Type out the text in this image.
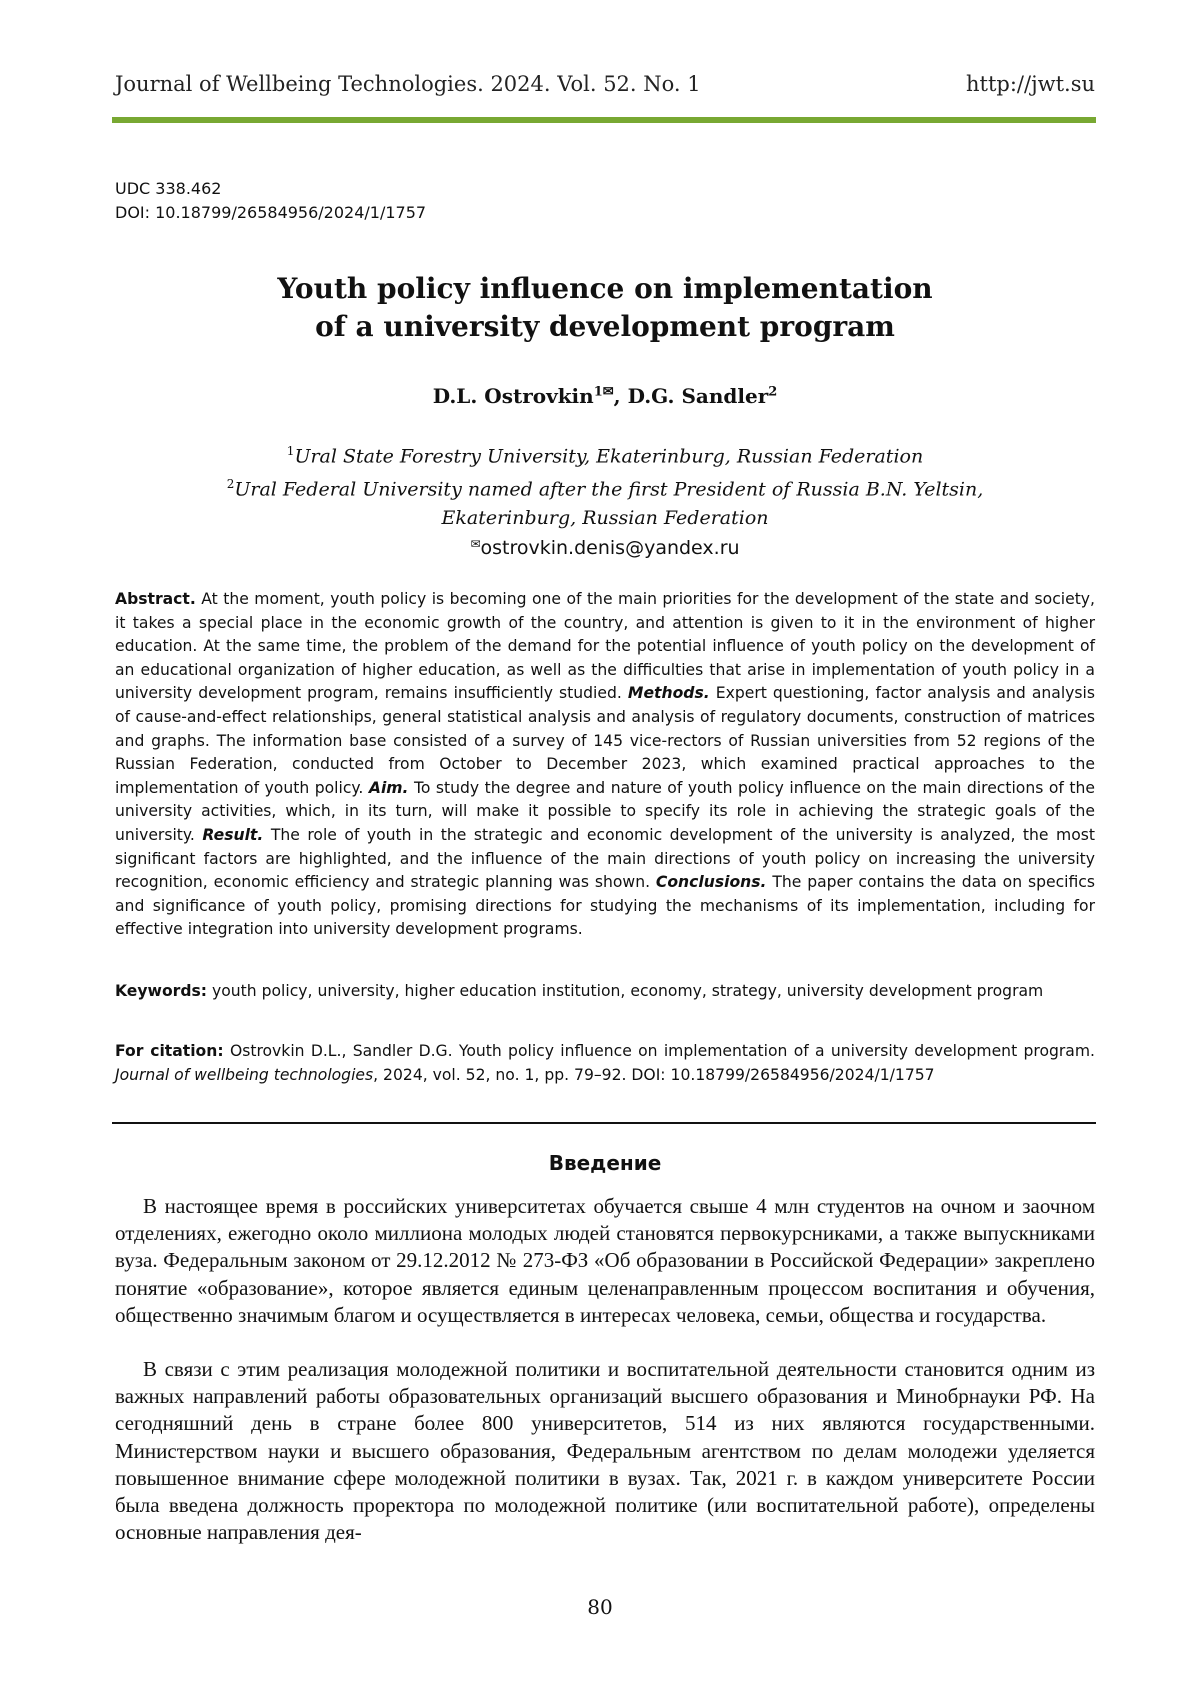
Journal of Wellbeing Technologies. 2024. Vol. 52. No. 1	http://jwt.su
UDC 338.462
DOI: 10.18799/26584956/2024/1/1757
Youth policy influence on implementation
of a university development program
D.L. Ostrovkin$^{1✉}$, D.G. Sandler$^2$
$^1$Ural State Forestry University, Ekaterinburg, Russian Federation
$^2$Ural Federal University named after the first President of Russia B.N. Yeltsin,
Ekaterinburg, Russian Federation
✉ostrovkin.denis@yandex.ru
Abstract. At the moment, youth policy is becoming one of the main priorities for the development of the state and society, it takes a special place in the economic growth of the country, and attention is given to it in the environment of higher education. At the same time, the problem of the demand for the potential influence of youth policy on the development of an educational organization of higher education, as well as the difficulties that arise in implementation of youth policy in a university development program, remains insufficiently studied. Methods. Expert questioning, factor analysis and analysis of cause-and-effect relationships, general statistical analysis and analysis of regulatory documents, construction of matrices and graphs. The information base consisted of a survey of 145 vice-rectors of Russian universities from 52 regions of the Russian Federation, conducted from October to December 2023, which examined practical approaches to the implementation of youth policy. Aim. To study the degree and nature of youth policy influence on the main directions of the university activities, which, in its turn, will make it possible to specify its role in achieving the strategic goals of the university. Result. The role of youth in the strategic and economic development of the university is analyzed, the most significant factors are highlighted, and the influence of the main directions of youth policy on increasing the university recognition, economic efficiency and strategic planning was shown. Conclusions. The paper contains the data on specifics and significance of youth policy, promising directions for studying the mechanisms of its implementation, including for effective integration into university development programs.
Keywords: youth policy, university, higher education institution, economy, strategy, university development program
For citation: Ostrovkin D.L., Sandler D.G. Youth policy influence on implementation of a university development program. Journal of wellbeing technologies, 2024, vol. 52, no. 1, pp. 79–92. DOI: 10.18799/26584956/2024/1/1757
Введение
В настоящее время в российских университетах обучается свыше 4 млн студентов на очном и заочном отделениях, ежегодно около миллиона молодых людей становятся первокурсниками, а также выпускниками вуза. Федеральным законом от 29.12.2012 № 273-ФЗ «Об образовании в Российской Федерации» закреплено понятие «образование», которое является единым целенаправленным процессом воспитания и обучения, общественно значимым благом и осуществляется в интересах человека, семьи, общества и государства.
В связи с этим реализация молодежной политики и воспитательной деятельности становится одним из важных направлений работы образовательных организаций высшего образования и Минобрнауки РФ. На сегодняшний день в стране более 800 университетов, 514 из них являются государственными. Министерством науки и высшего образования, Федеральным агентством по делам молодежи уделяется повышенное внимание сфере молодежной политики в вузах. Так, 2021 г. в каждом университете России была введена должность проректора по молодежной политике (или воспитательной работе), определены основные направления дея-
80
